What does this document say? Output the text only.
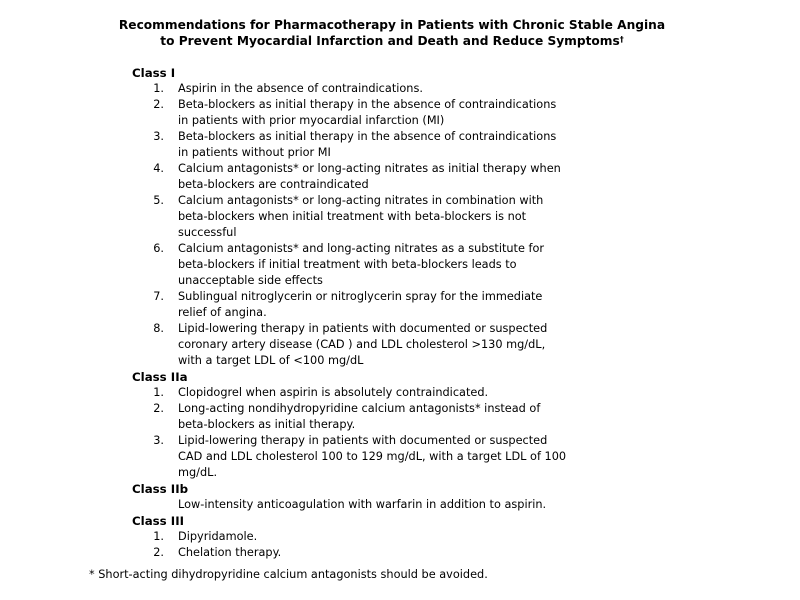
Recommendations for Pharmacotherapy in Patients with Chronic Stable Angina
to Prevent Myocardial Infarction and Death and Reduce Symptoms†
Class I
1. Aspirin in the absence of contraindications.
2. Beta-blockers as initial therapy in the absence of contraindications
in patients with prior myocardial infarction (MI)
3. Beta-blockers as initial therapy in the absence of contraindications
in patients without prior MI
4. Calcium antagonists* or long-acting nitrates as initial therapy when
beta-blockers are contraindicated
5. Calcium antagonists* or long-acting nitrates in combination with
beta-blockers when initial treatment with beta-blockers is not
successful
6. Calcium antagonists* and long-acting nitrates as a substitute for
beta-blockers if initial treatment with beta-blockers leads to
unacceptable side effects
7. Sublingual nitroglycerin or nitroglycerin spray for the immediate
relief of angina.
8. Lipid-lowering therapy in patients with documented or suspected
coronary artery disease (CAD ) and LDL cholesterol >130 mg/dL,
with a target LDL of <100 mg/dL
Class IIa
1. Clopidogrel when aspirin is absolutely contraindicated.
2. Long-acting nondihydropyridine calcium antagonists* instead of
beta-blockers as initial therapy.
3. Lipid-lowering therapy in patients with documented or suspected
CAD and LDL cholesterol 100 to 129 mg/dL, with a target LDL of 100
mg/dL.
Class IIb
Low-intensity anticoagulation with warfarin in addition to aspirin.
Class III
1. Dipyridamole.
2. Chelation therapy.
* Short-acting dihydropyridine calcium antagonists should be avoided.
